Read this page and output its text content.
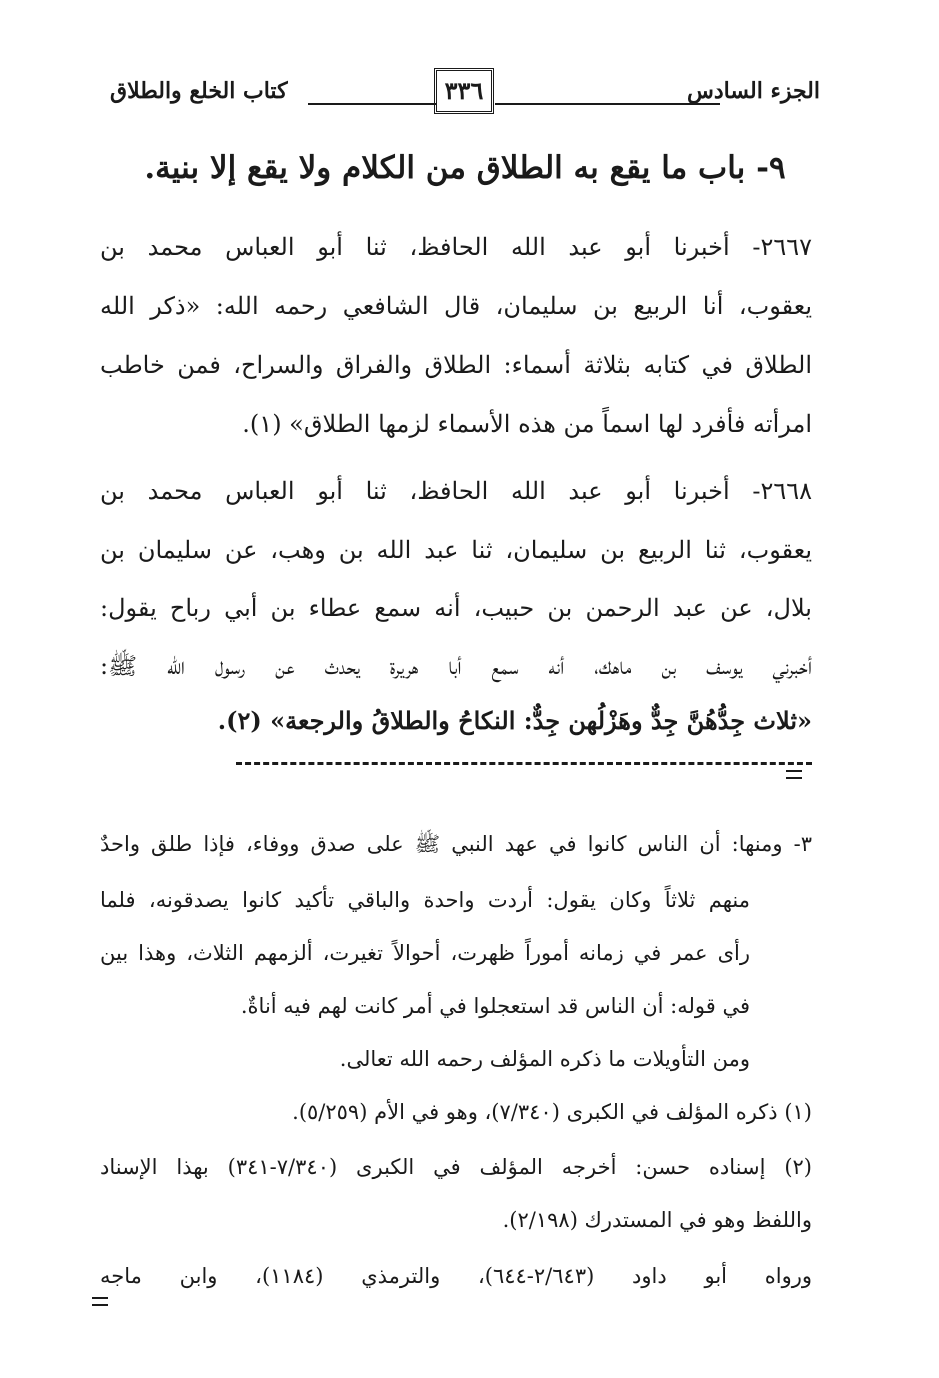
الجزء السادس
٣٣٦
كتاب الخلع والطلاق
٩- باب ما يقع به الطلاق من الكلام ولا يقع إلا بنية.
٢٦٦٧- أخبرنا أبو عبد الله الحافظ، ثنا أبو العباس محمد بن
يعقوب، أنا الربيع بن سليمان، قال الشافعي رحمه الله: «ذكر الله
الطلاق في كتابه بثلاثة أسماء: الطلاق والفراق والسراح، فمن خاطب
امرأته فأفرد لها اسماً من هذه الأسماء لزمها الطلاق» (١).
٢٦٦٨- أخبرنا أبو عبد الله الحافظ، ثنا أبو العباس محمد بن
يعقوب، ثنا الربيع بن سليمان، ثنا عبد الله بن وهب، عن سليمان بن
بلال، عن عبد الرحمن بن حبيب، أنه سمع عطاء بن أبي رباح يقول:
أخبرني يوسف بن ماهك، أنه سمع أبا هريرة يحدث عن رسول الله ﷺ:
«ثلاث جِدُّهُنَّ جِدٌّ وهَزْلُهن جِدٌّ: النكاحُ والطلاقُ والرجعة» (٢).
٣- ومنها: أن الناس كانوا في عهد النبي ﷺ على صدق ووفاء، فإذا طلق واحدٌ
منهم ثلاثاً وكان يقول: أردت واحدة والباقي تأكيد كانوا يصدقونه، فلما
رأى عمر في زمانه أموراً ظهرت، أحوالاً تغيرت، ألزمهم الثلاث، وهذا بين
في قوله: أن الناس قد استعجلوا في أمر كانت لهم فيه أناةٌ.
ومن التأويلات ما ذكره المؤلف رحمه الله تعالى.
(١) ذكره المؤلف في الكبرى (٧/٣٤٠)، وهو في الأم (٥/٢٥٩).
(٢) إسناده حسن: أخرجه المؤلف في الكبرى (٧/٣٤٠-٣٤١) بهذا الإسناد
واللفظ وهو في المستدرك (٢/١٩٨).
ورواه أبو داود (٢/٦٤٣-٦٤٤)، والترمذي (١١٨٤)، وابن ماجه
